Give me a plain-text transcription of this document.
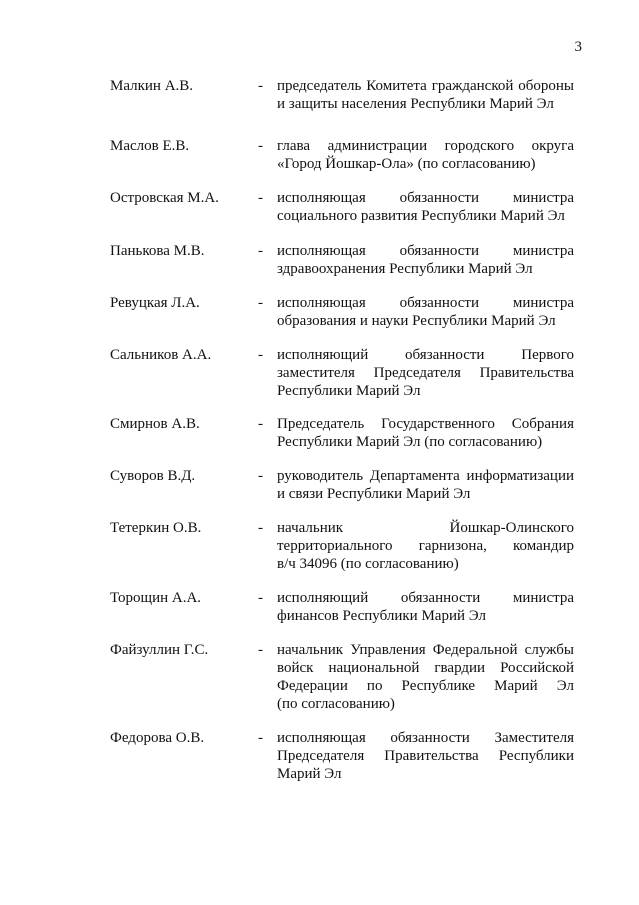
3
Малкин А.В.	- председатель Комитета гражданской обороны
и защиты населения Республики Марий Эл
Маслов Е.В.	- глава администрации городского округа
«Город Йошкар-Ола» (по согласованию)
Островская М.А.	- исполняющая обязанности министра
социального развития Республики Марий Эл
Панькова М.В.	- исполняющая обязанности министра
здравоохранения Республики Марий Эл
Ревуцкая Л.А.	- исполняющая обязанности министра
образования и науки Республики Марий Эл
Сальников А.А.	- исполняющий обязанности Первого
заместителя Председателя Правительства
Республики Марий Эл
Смирнов А.В.	- Председатель Государственного Собрания
Республики Марий Эл (по согласованию)
Суворов В.Д.	- руководитель Департамента информатизации
и связи Республики Марий Эл
Тетеркин О.В.	- начальник Йошкар-Олинского
территориального гарнизона, командир
в/ч 34096 (по согласованию)
Торощин А.А.	- исполняющий обязанности министра
финансов Республики Марий Эл
Файзуллин Г.С.	- начальник Управления Федеральной службы
войск национальной гвардии Российской
Федерации по Республике Марий Эл
(по согласованию)
Федорова О.В.	- исполняющая обязанности Заместителя
Председателя Правительства Республики
Марий Эл
